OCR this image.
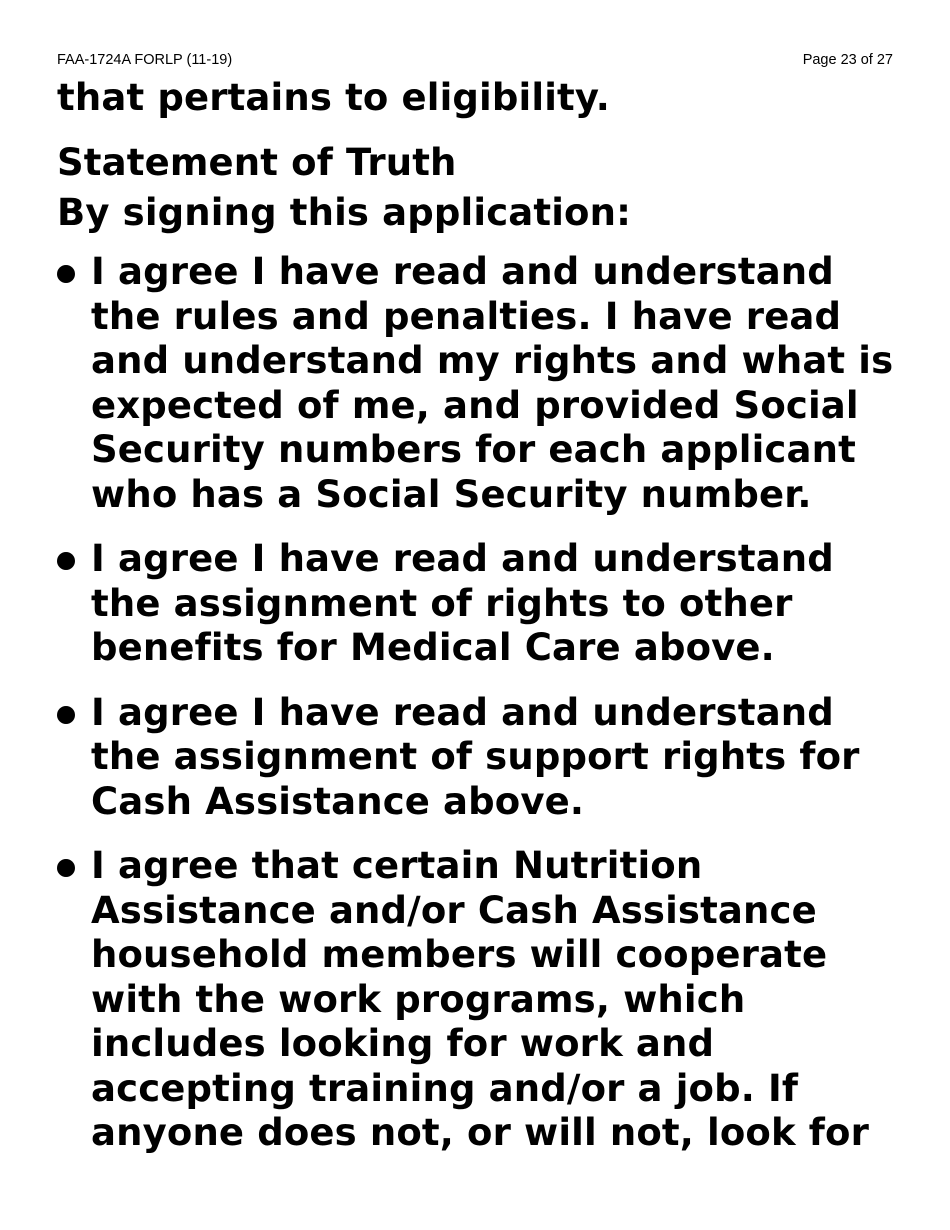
FAA-1724A FORLP (11-19)	Page 23 of 27
that pertains to eligibility.
Statement of Truth
By signing this application:
I agree I have read and understand
the rules and penalties. I have read
and understand my rights and what is
expected of me, and provided Social
Security numbers for each applicant
who has a Social Security number.
I agree I have read and understand
the assignment of rights to other
benefits for Medical Care above.
I agree I have read and understand
the assignment of support rights for
Cash Assistance above.
I agree that certain Nutrition
Assistance and/or Cash Assistance
household members will cooperate
with the work programs, which
includes looking for work and
accepting training and/or a job. If
anyone does not, or will not, look for
